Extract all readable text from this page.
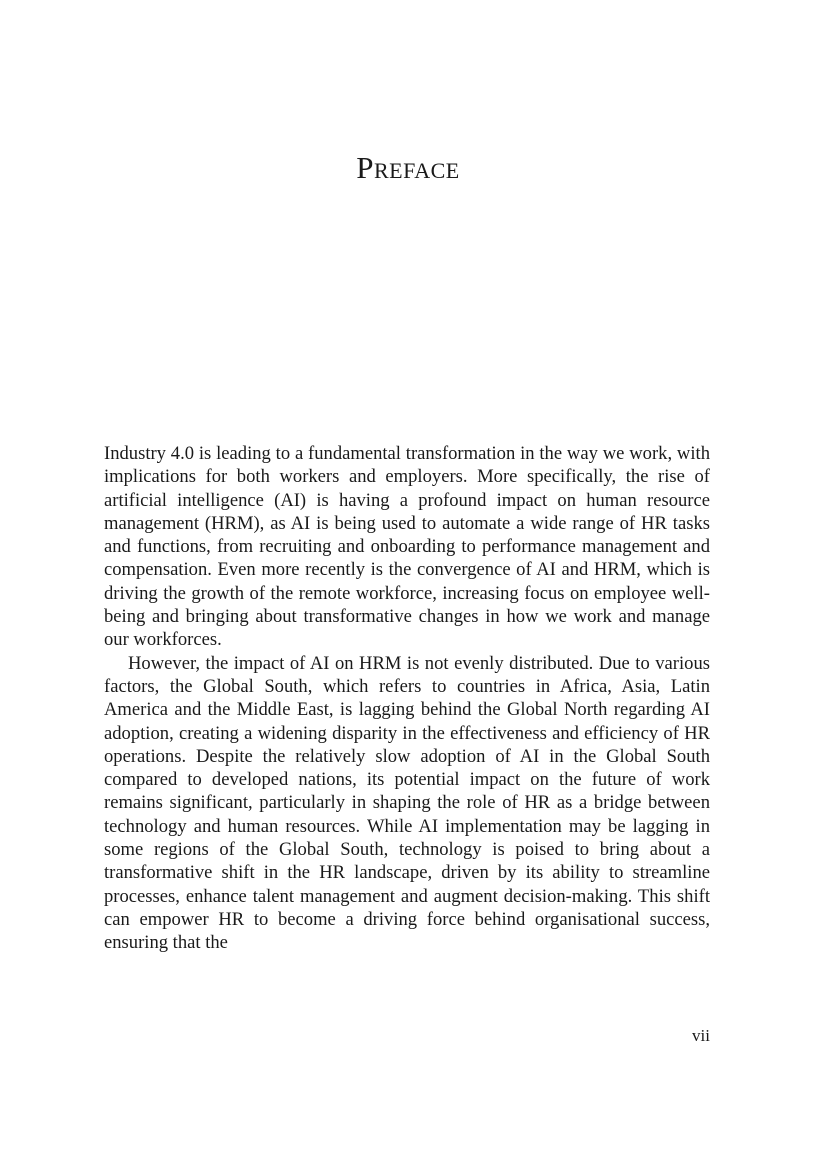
Preface

Industry 4.0 is leading to a fundamental transformation in the way we work, with implications for both workers and employers. More specifically, the rise of artificial intelligence (AI) is having a profound impact on human resource management (HRM), as AI is being used to automate a wide range of HR tasks and functions, from recruiting and onboarding to performance management and compensation. Even more recently is the convergence of AI and HRM, which is driving the growth of the remote workforce, increasing focus on employee well-being and bringing about transformative changes in how we work and manage our workforces.

However, the impact of AI on HRM is not evenly distributed. Due to various factors, the Global South, which refers to countries in Africa, Asia, Latin America and the Middle East, is lagging behind the Global North regarding AI adoption, creating a widening disparity in the effectiveness and efficiency of HR operations. Despite the relatively slow adoption of AI in the Global South compared to developed nations, its potential impact on the future of work remains significant, particularly in shaping the role of HR as a bridge between technology and human resources. While AI implementation may be lagging in some regions of the Global South, technology is poised to bring about a transformative shift in the HR landscape, driven by its ability to streamline processes, enhance talent management and augment decision-making. This shift can empower HR to become a driving force behind organisational success, ensuring that the

vii
